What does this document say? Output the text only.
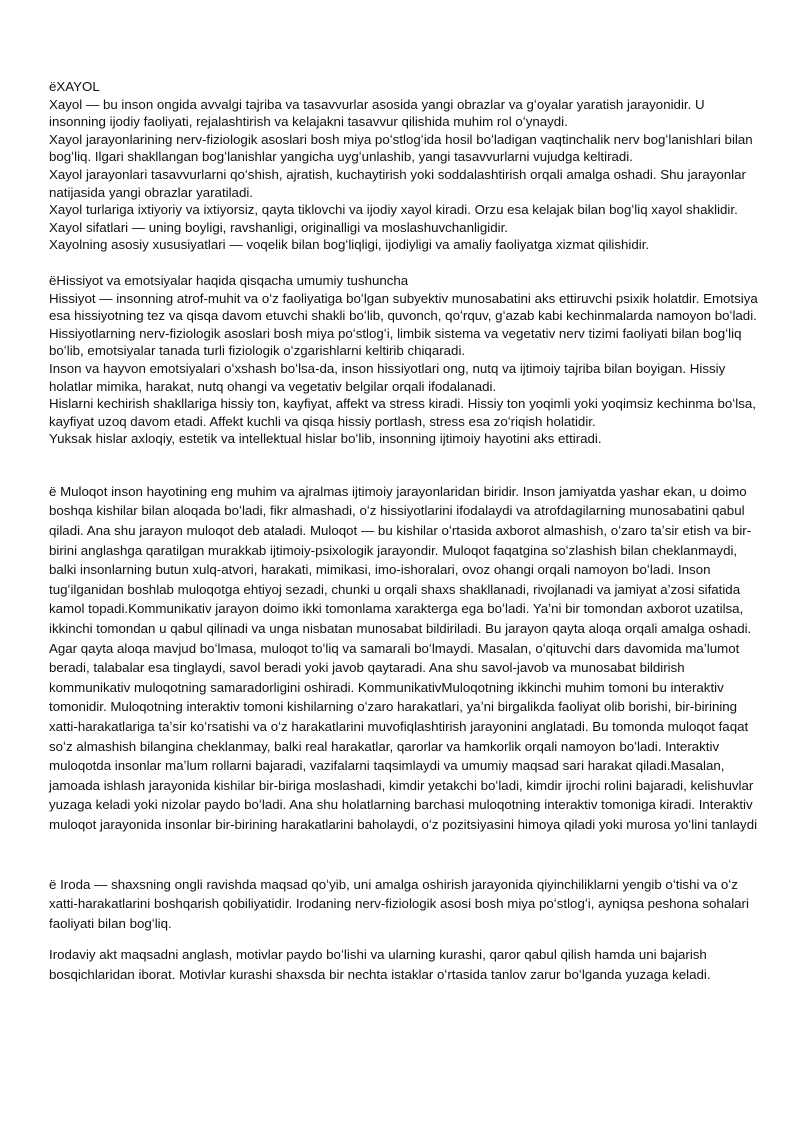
ëXAYOL

Xayol — bu inson ongida avvalgi tajriba va tasavvurlar asosida yangi obrazlar va gʻoyalar yaratish jarayonidir. U insonning ijodiy faoliyati, rejalashtirish va kelajakni tasavvur qilishida muhim rol oʻynaydi.

Xayol jarayonlarining nerv-fiziologik asoslari bosh miya poʻstlogʻida hosil boʻladigan vaqtinchalik nerv bogʻlanishlari bilan bogʻliq. Ilgari shakllangan bogʻlanishlar yangicha uygʻunlashib, yangi tasavvurlarni vujudga keltiradi.

Xayol jarayonlari tasavvurlarni qoʻshish, ajratish, kuchaytirish yoki soddalashtirish orqali amalga oshadi. Shu jarayonlar natijasida yangi obrazlar yaratiladi.

Xayol turlariga ixtiyoriy va ixtiyorsiz, qayta tiklovchi va ijodiy xayol kiradi. Orzu esa kelajak bilan bogʻliq xayol shaklidir.

Xayol sifatlari — uning boyligi, ravshanligi, originalligi va moslashuvchanligidir.

Xayolning asosiy xususiyatlari — voqelik bilan bogʻliqligi, ijodiyligi va amaliy faoliyatga xizmat qilishidir.

ëHissiyot va emotsiyalar haqida qisqacha umumiy tushuncha

Hissiyot — insonning atrof-muhit va oʻz faoliyatiga boʻlgan subyektiv munosabatini aks ettiruvchi psixik holatdir. Emotsiya esa hissiyotning tez va qisqa davom etuvchi shakli boʻlib, quvonch, qoʻrquv, gʻazab kabi kechinmalarda namoyon boʻladi.

Hissiyotlarning nerv-fiziologik asoslari bosh miya poʻstlogʻi, limbik sistema va vegetativ nerv tizimi faoliyati bilan bogʻliq boʻlib, emotsiyalar tanada turli fiziologik oʻzgarishlarni keltirib chiqaradi.

Inson va hayvon emotsiyalari oʻxshash boʻlsa-da, inson hissiyotlari ong, nutq va ijtimoiy tajriba bilan boyigan. Hissiy holatlar mimika, harakat, nutq ohangi va vegetativ belgilar orqali ifodalanadi.

Hislarni kechirish shakllariga hissiy ton, kayfiyat, affekt va stress kiradi. Hissiy ton yoqimli yoki yoqimsiz kechinma boʻlsa, kayfiyat uzoq davom etadi. Affekt kuchli va qisqa hissiy portlash, stress esa zoʻriqish holatidir.

Yuksak hislar axloqiy, estetik va intellektual hislar boʻlib, insonning ijtimoiy hayotini aks ettiradi.

ë Muloqot inson hayotining eng muhim va ajralmas ijtimoiy jarayonlaridan biridir. Inson jamiyatda yashar ekan, u doimo boshqa kishilar bilan aloqada boʻladi, fikr almashadi, oʻz hissiyotlarini ifodalaydi va atrofdagilarning munosabatini qabul qiladi. Ana shu jarayon muloqot deb ataladi. Muloqot — bu kishilar oʻrtasida axborot almashish, oʻzaro taʼsir etish va bir-birini anglashga qaratilgan murakkab ijtimoiy-psixologik jarayondir. Muloqot faqatgina soʻzlashish bilan cheklanmaydi, balki insonlarning butun xulq-atvori, harakati, mimikasi, imo-ishoralari, ovoz ohangi orqali namoyon boʻladi. Inson tugʻilganidan boshlab muloqotga ehtiyoj sezadi, chunki u orqali shaxs shakllanadi, rivojlanadi va jamiyat aʼzosi sifatida kamol topadi.Kommunikativ jarayon doimo ikki tomonlama xarakterga ega boʻladi. Yaʼni bir tomondan axborot uzatilsa, ikkinchi tomondan u qabul qilinadi va unga nisbatan munosabat bildiriladi. Bu jarayon qayta aloqa orqali amalga oshadi. Agar qayta aloqa mavjud boʻlmasa, muloqot toʻliq va samarali boʻlmaydi. Masalan, oʻqituvchi dars davomida maʼlumot beradi, talabalar esa tinglaydi, savol beradi yoki javob qaytaradi. Ana shu savol-javob va munosabat bildirish kommunikativ muloqotning samaradorligini oshiradi. KommunikativMuloqotning ikkinchi muhim tomoni bu interaktiv tomonidir. Muloqotning interaktiv tomoni kishilarning oʻzaro harakatlari, yaʼni birgalikda faoliyat olib borishi, bir-birining xatti-harakatlariga taʼsir koʻrsatishi va oʻz harakatlarini muvofiqlashtirish jarayonini anglatadi. Bu tomonda muloqot faqat soʻz almashish bilangina cheklanmay, balki real harakatlar, qarorlar va hamkorlik orqali namoyon boʻladi. Interaktiv muloqotda insonlar maʼlum rollarni bajaradi, vazifalarni taqsimlaydi va umumiy maqsad sari harakat qiladi.Masalan, jamoada ishlash jarayonida kishilar bir-biriga moslashadi, kimdir yetakchi boʻladi, kimdir ijrochi rolini bajaradi, kelishuvlar yuzaga keladi yoki nizolar paydo boʻladi. Ana shu holatlarning barchasi muloqotning interaktiv tomoniga kiradi. Interaktiv muloqot jarayonida insonlar bir-birining harakatlarini baholaydi, oʻz pozitsiyasini himoya qiladi yoki murosa yoʻlini tanlaydi

ë Iroda — shaxsning ongli ravishda maqsad qoʻyib, uni amalga oshirish jarayonida qiyinchiliklarni yengib oʻtishi va oʻz xatti-harakatlarini boshqarish qobiliyatidir. Irodaning nerv-fiziologik asosi bosh miya poʻstlogʻi, ayniqsa peshona sohalari faoliyati bilan bogʻliq.

Irodaviy akt maqsadni anglash, motivlar paydo boʻlishi va ularning kurashi, qaror qabul qilish hamda uni bajarish bosqichlaridan iborat. Motivlar kurashi shaxsda bir nechta istaklar oʻrtasida tanlov zarur boʻlganda yuzaga keladi.
